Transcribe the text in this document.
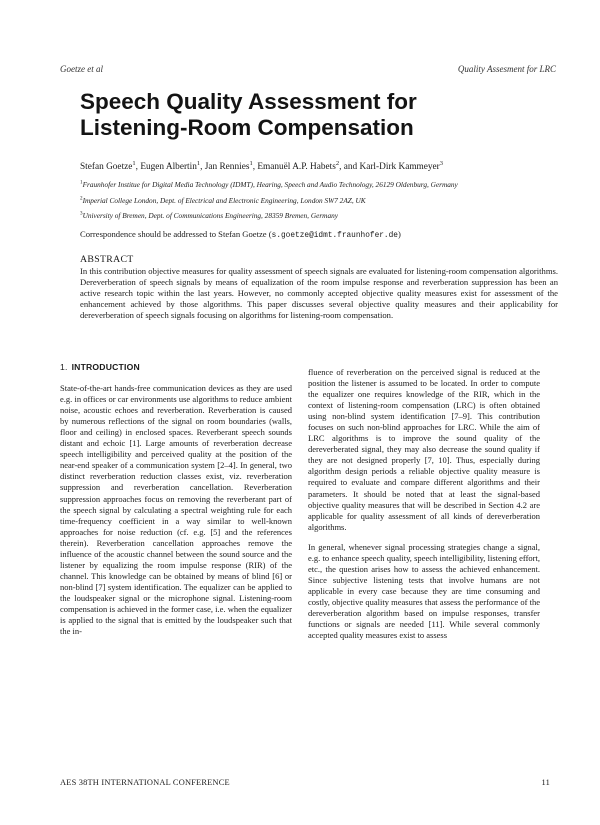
Goetze et al	Quality Assesment for LRC
Speech Quality Assessment for
Listening-Room Compensation
Stefan Goetze$^1$, Eugen Albertin$^1$, Jan Rennies$^1$, Emanuël A.P. Habets$^2$, and Karl-Dirk Kammeyer$^3$
$^1$Fraunhofer Institue for Digital Media Technology (IDMT), Hearing, Speech and Audio Technology, 26129 Oldenburg, Germany
$^2$Imperial College London, Dept. of Electrical and Electronic Engineering, London SW7 2AZ, UK
$^3$University of Bremen, Dept. of Communications Engineering, 28359 Bremen, Germany
Correspondence should be addressed to Stefan Goetze (s.goetze@idmt.fraunhofer.de)
ABSTRACT

In this contribution objective measures for quality assessment of speech signals are evaluated for listening-room compensation algorithms. Dereverberation of speech signals by means of equalization of the room impulse response and reverberation suppression has been an active research topic within the last years. However, no commonly accepted objective quality measures exist for assessment of the enhancement achieved by those algorithms. This paper discusses several objective quality measures and their applicability for dereverberation of speech signals focusing on algorithms for listening-room compensation.

1. INTRODUCTION

State-of-the-art hands-free communication devices as they are used e.g. in offices or car environments use algorithms to reduce ambient noise, acoustic echoes and reverberation. Reverberation is caused by numerous reflections of the signal on room boundaries (walls, floor and ceiling) in enclosed spaces. Reverberant speech sounds distant and echoic [1]. Large amounts of reverberation decrease speech intelligibility and perceived quality at the position of the near-end speaker of a communication system [2–4]. In general, two distinct reverberation reduction classes exist, viz. reverberation suppression and reverberation cancellation. Reverberation suppression approaches focus on removing the reverberant part of the speech signal by calculating a spectral weighting rule for each time-frequency coefficient in a way similar to well-known approaches for noise reduction (cf. e.g. [5] and the references therein). Reverberation cancellation approaches remove the influence of the acoustic channel between the sound source and the listener by equalizing the room impulse response (RIR) of the channel. This knowledge can be obtained by means of blind [6] or non-blind [7] system identification. The equalizer can be applied to the loudspeaker signal or the microphone signal. Listening-room compensation is achieved in the former case, i.e. when the equalizer is applied to the signal that is emitted by the loudspeaker such that the in-

fluence of reverberation on the perceived signal is reduced at the position the listener is assumed to be located. In order to compute the equalizer one requires knowledge of the RIR, which in the context of listening-room compensation (LRC) is often obtained using non-blind system identification [7–9]. This contribution focuses on such non-blind approaches for LRC. While the aim of LRC algorithms is to improve the sound quality of the dereverberated signal, they may also decrease the sound quality if they are not designed properly [7, 10]. Thus, especially during algorithm design periods a reliable objective quality measure is required to evaluate and compare different algorithms and their parameters. It should be noted that at least the signal-based objective quality measures that will be described in Section 4.2 are applicable for quality assessment of all kinds of dereverberation algorithms.

In general, whenever signal processing strategies change a signal, e.g. to enhance speech quality, speech intelligibility, listening effort, etc., the question arises how to assess the achieved enhancement. Since subjective listening tests that involve humans are not applicable in every case because they are time consuming and costly, objective quality measures that assess the performance of the dereverberation algorithm based on impulse responses, transfer functions or signals are needed [11]. While several commonly accepted quality measures exist to assess

AES 38TH INTERNATIONAL CONFERENCE	11
